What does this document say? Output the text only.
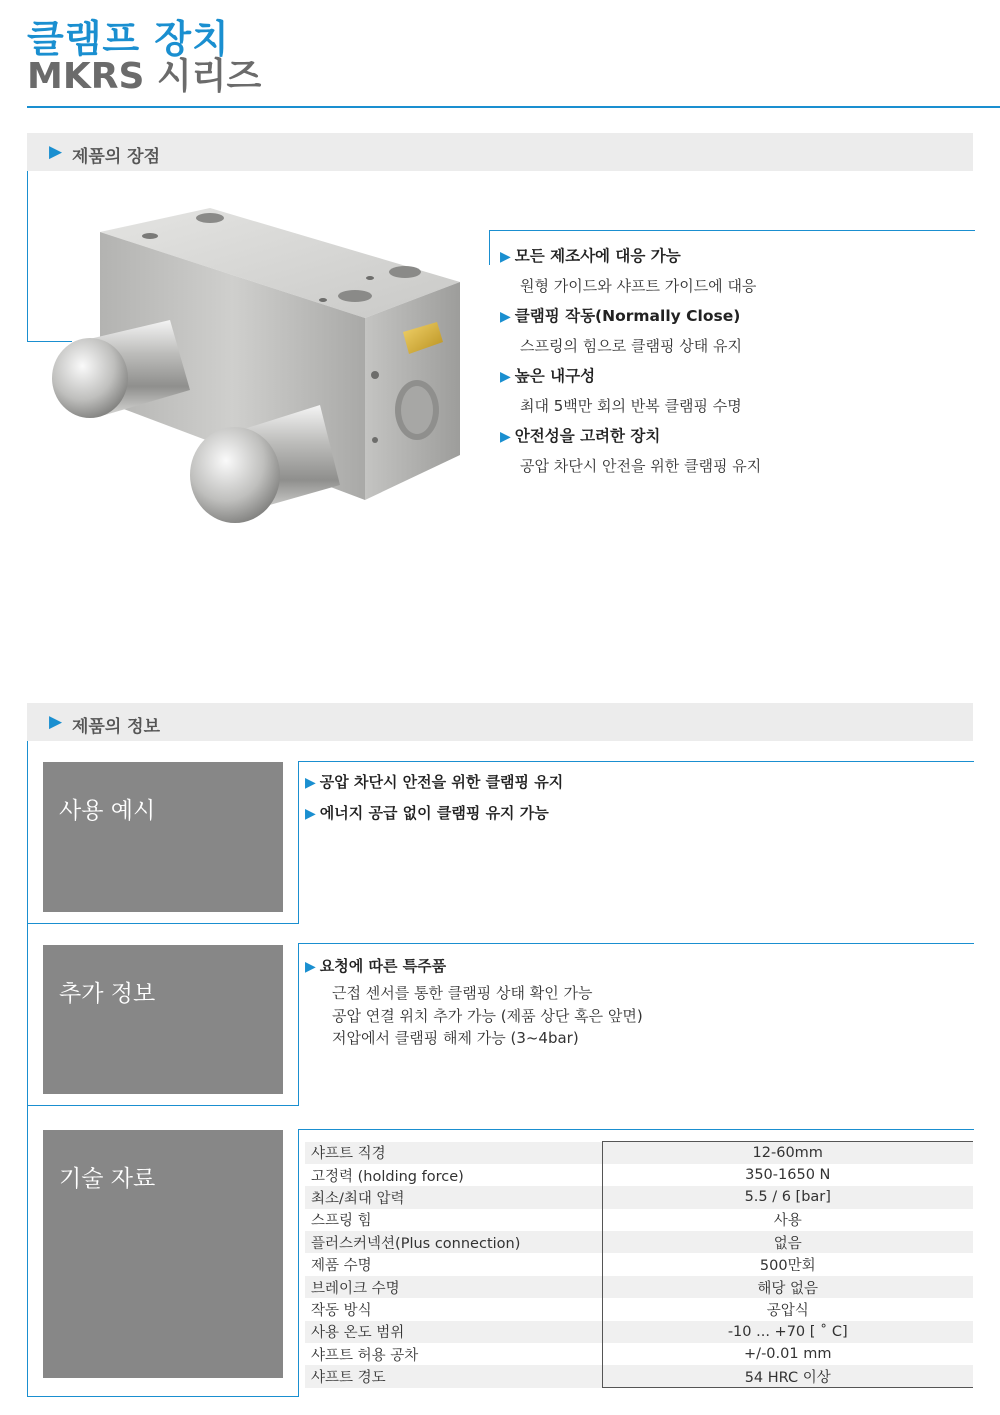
클램프 장치
MKRS 시리즈
▶ 제품의 장점
▶ 모든 제조사에 대응 가능
원형 가이드와 샤프트 가이드에 대응
▶ 클램핑 작동(Normally Close)
스프링의 힘으로 클램핑 상태 유지
▶ 높은 내구성
최대 5백만 회의 반복 클램핑 수명
▶ 안전성을 고려한 장치
공압 차단시 안전을 위한 클램핑 유지
▶ 제품의 정보
사용 예시
▶ 공압 차단시 안전을 위한 클램핑 유지
▶ 에너지 공급 없이 클램핑 유지 가능
추가 정보
▶ 요청에 따른 특주품
근접 센서를 통한 클램핑 상태 확인 가능
공압 연결 위치 추가 가능 (제품 상단 혹은 앞면)
저압에서 클램핑 해제 가능 (3~4bar)
기술 자료
샤프트 직경	12-60mm
고정력 (holding force)	350-1650 N
최소/최대 압력	5.5 / 6 [bar]
스프링 힘	사용
플러스커넥션(Plus connection)	없음
제품 수명	500만회
브레이크 수명	해당 없음
작동 방식	공압식
사용 온도 범위	-10 ... +70 [ ˚ C]
샤프트 허용 공차	+/-0.01 mm
샤프트 경도	54 HRC 이상
